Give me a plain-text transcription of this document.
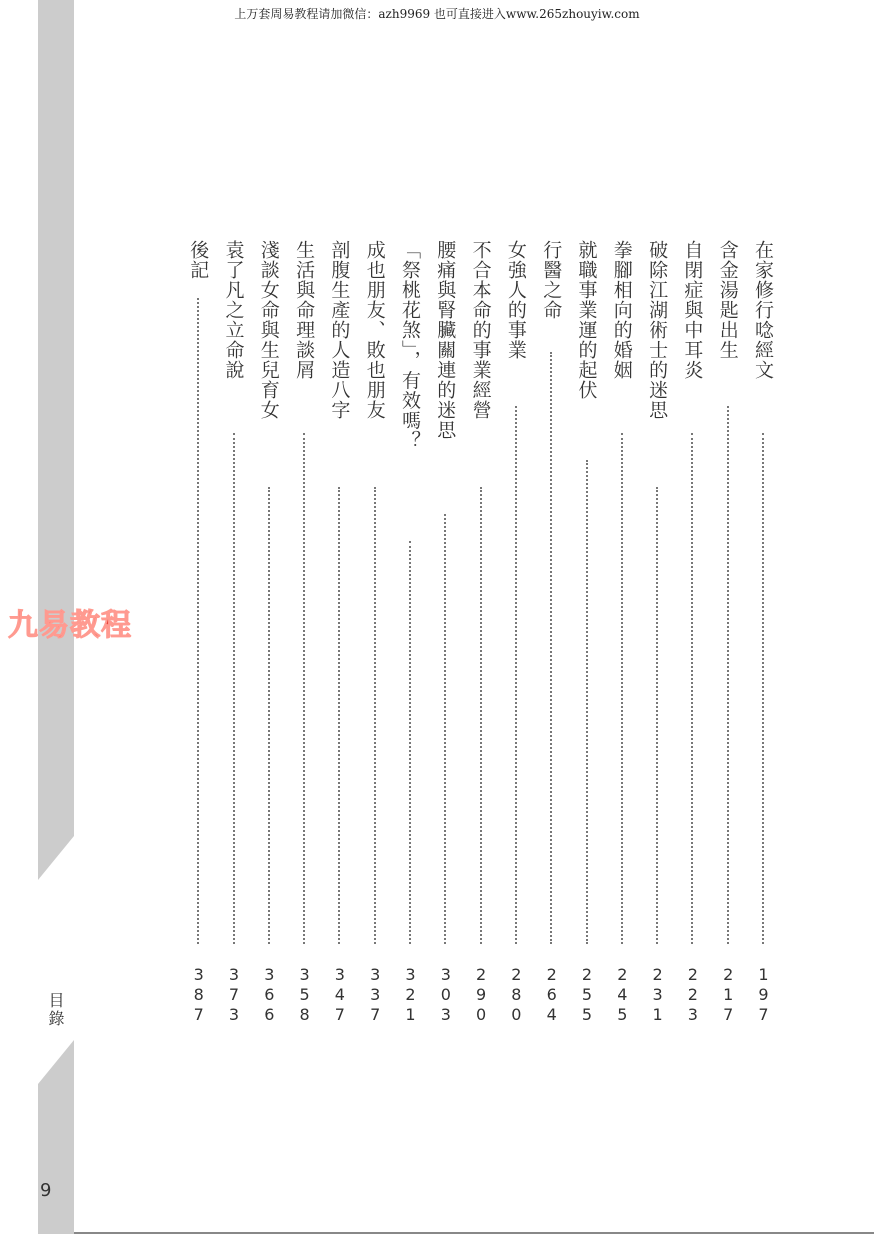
上万套周易教程请加微信：azh9969 也可直接进入www.265zhouyiw.com
九易教程
目錄
9
在家修行唸經文
197
含金湯匙出生
217
自閉症與中耳炎
223
破除江湖術士的迷思
231
拳腳相向的婚姻
245
就職事業運的起伏
255
行醫之命
264
女強人的事業
280
不合本命的事業經營
290
腰痛與腎臟關連的迷思
303
「祭桃花煞」，有效嗎？
321
成也朋友、敗也朋友
337
剖腹生產的人造八字
347
生活與命理談屑
358
淺談女命與生兒育女
366
袁了凡之立命說
373
後記
387
